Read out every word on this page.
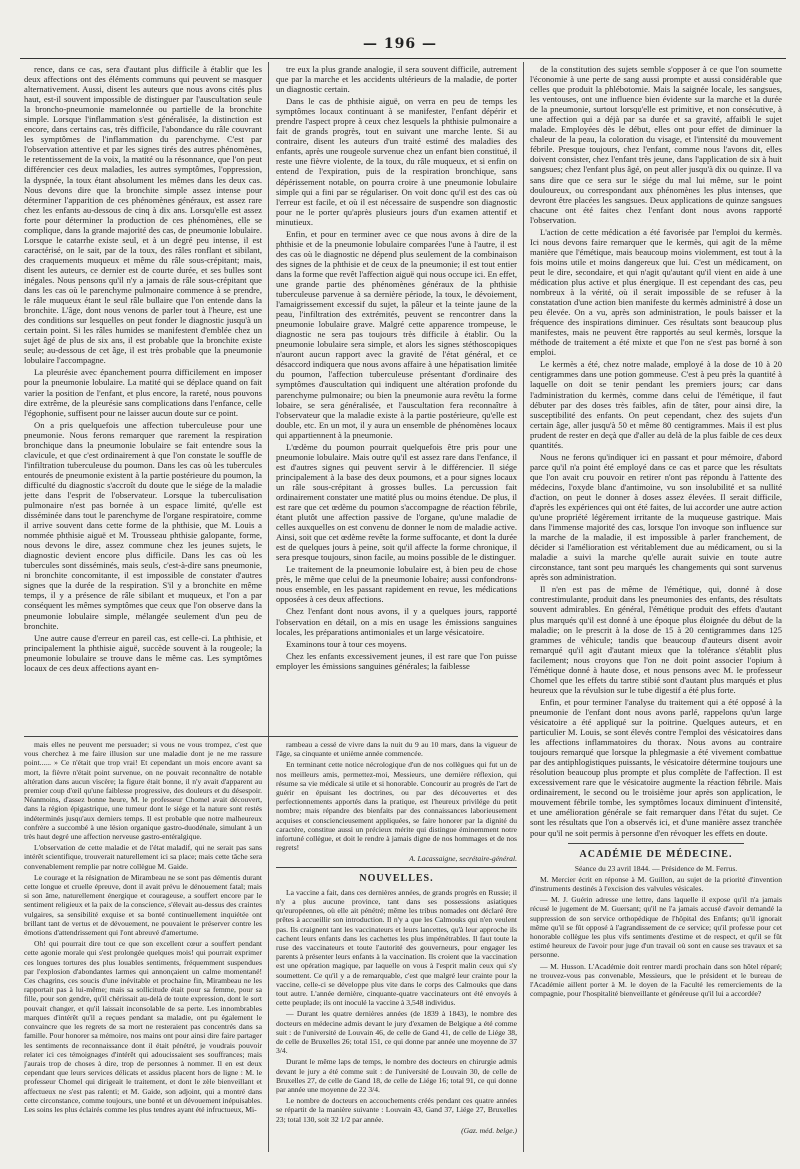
— 196 —

rence, dans ce cas, sera d'autant plus difficile à établir que les deux affections ont des éléments communs qui peuvent se masquer alternativement. Aussi, disent les auteurs que nous avons cités plus haut, est-il souvent impossible de distinguer par l'auscultation seule la broncho-pneumonie mamelonnée ou partielle de la bronchite simple. Lorsque l'inflammation s'est généralisée, la distinction est encore, dans certains cas, très difficile, l'abondance du râle couvrant les symptômes de l'inflammation du parenchyme. C'est par l'observation attentive et par les signes tirés des autres phénomènes, le retentissement de la voix, la matité ou la résonnance, que l'on peut différencier ces deux maladies, les autres symptômes, l'oppression, la dyspnée, la toux étant absolument les mêmes dans les deux cas. Nous devons dire que la bronchite simple assez intense pour déterminer l'apparition de ces phénomènes généraux, est assez rare chez les enfants au-dessous de cinq à dix ans. Lorsqu'elle est assez forte pour déterminer la production de ces phénomènes, elle se complique, dans la grande majorité des cas, de pneumonie lobulaire. Lorsque le catarrhe existe seul, et à un degré peu intense, il est caractérisé, on le sait, par de la toux, des râles ronflant et sibilant, des craquements muqueux et même du râle sous-crépitant; mais, disent les auteurs, ce dernier est de courte durée, et ses bulles sont inégales. Nous pensons qu'il n'y a jamais de râle sous-crépitant que dans les cas où le parenchyme pulmonaire commence à se prendre, le râle muqueux étant le seul râle bullaire que l'on entende dans la bronchite. L'âge, dont nous venons de parler tout à l'heure, est une des conditions sur lesquelles on peut fonder le diagnostic jusqu'à un certain point. Si les râles humides se manifestent d'emblée chez un sujet âgé de plus de six ans, il est probable que la bronchite existe seule; au-dessous de cet âge, il est très probable que la pneumonie lobulaire l'accompagne.

La pleurésie avec épanchement pourra difficilement en imposer pour la pneumonie lobulaire. La matité qui se déplace quand on fait varier la position de l'enfant, et plus encore, la rareté, nous pouvons dire extrême, de la pleurésie sans complications dans l'enfance, celle l'égophonie, suffisent pour ne laisser aucun doute sur ce point.

On a pris quelquefois une affection tuberculeuse pour une pneumonie. Nous ferons remarquer que rarement la respiration bronchique dans la pneumonie lobulaire se fait entendre sous la clavicule, et que c'est ordinairement à que l'on constate le souffle de l'infiltration tuberculeuse du poumon. Dans les cas où les tubercules entourés de pneumonie existent à la partie postérieure du poumon, la difficulté du diagnostic s'accroît du doute que le siége de la maladie jette dans l'esprit de l'observateur. Lorsque la tuberculisation pulmonaire n'est pas bornée à un espace limité, qu'elle est disséminée dans tout le parenchyme de l'organe respiratoire, comme il arrive souvent dans cette forme de la phthisie, que M. Louis a nommée phthisie aiguë et M. Trousseau phthisie galopante, forme, nous devons le dire, assez commune chez les jeunes sujets, le diagnostic devient encore plus difficile. Dans les cas où les tubercules sont disséminés, mais seuls, c'est-à-dire sans pneumonie, ni bronchite concomitante, il est impossible de constater d'autres signes que la durée de la respiration. S'il y a bronchite en même temps, il y a présence de râle sibilant et muqueux, et l'on a par conséquent les mêmes symptômes que ceux que l'on observe dans la pneumonie lobulaire simple, mélangée seulement d'un peu de bronchite.

Une autre cause d'erreur en pareil cas, est celle-ci. La phthisie, et principalement la phthisie aiguë, succède souvent à la rougeole; la pneumonie lobulaire se trouve dans le même cas. Les symptômes locaux de ces deux affections ayant en-

tre eux la plus grande analogie, il sera souvent difficile, autrement que par la marche et les accidents ultérieurs de la maladie, de porter un diagnostic certain.

Dans le cas de phthisie aiguë, on verra en peu de temps les symptômes locaux continuant à se manifester, l'enfant dépérir et prendre l'aspect propre à ceux chez lesquels la phthisie pulmonaire a fait de grands progrès, tout en suivant une marche lente. Si au contraire, disent les auteurs d'un traité estimé des maladies des enfants, après une rougeole survenue chez un enfant bien constitué, il reste une fièvre violente, de la toux, du râle muqueux, et si enfin on entend de l'expiration, puis de la respiration bronchique, sans dépérissement notable, on pourra croire à une pneumonie lobulaire simple qui a fini par se régulariser. On voit donc qu'il est des cas où l'erreur est facile, et où il est nécessaire de suspendre son diagnostic pour ne le porter qu'après plusieurs jours d'un examen attentif et minutieux.

Enfin, et pour en terminer avec ce que nous avons à dire de la phthisie et de la pneumonie lobulaire comparées l'une à l'autre, il est des cas où le diagnostic ne dépend plus seulement de la combinaison des signes de la phthisie et de ceux de la pneumonie; il est tout entier dans la forme que revêt l'affection aiguë qui nous occupe ici. En effet, une grande partie des phénomènes généraux de la phthisie tuberculeuse parvenue à sa dernière période, la toux, le dévoiement, l'amaigrissement excessif du sujet, la pâleur et la teinte jaune de la peau, l'infiltration des extrémités, peuvent se rencontrer dans la pneumonie lobulaire grave. Malgré cette apparence trompeuse, le diagnostic ne sera pas toujours très difficile à établir. Ou la pneumonie lobulaire sera simple, et alors les signes stéthoscopiques n'auront aucun rapport avec la gravité de l'état général, et ce désaccord indiquera que nous avons affaire à une hépatisation limitée du poumon, l'affection tuberculeuse présentant d'ordinaire des symptômes d'auscultation qui indiquent une altération profonde du parenchyme pulmonaire; ou bien la pneumonie aura revêtu la forme lobaire, se sera généralisée, et l'auscultation fera reconnaître à l'observateur que la maladie existe à la partie postérieure, qu'elle est double, etc. En un mot, il y aura un ensemble de phénomènes locaux qui appartiennent à la pneumonie.

L'œdème du poumon pourrait quelquefois être pris pour une pneumonie lobulaire. Mais outre qu'il est assez rare dans l'enfance, il est d'autres signes qui peuvent servir à le différencier. Il siége principalement à la base des deux poumons, et a pour signes locaux un râle sous-crépitant à grosses bulles. La percussion fait ordinairement constater une matité plus ou moins étendue. De plus, il est rare que cet œdème du poumon s'accompagne de réaction fébrile, étant plutôt une affection passive de l'organe, qu'une maladie de celles auxquelles on est convenu de donner le nom de maladie active. Ainsi, soit que cet œdème revête la forme suffocante, et dont la durée est de quelques jours à peine, soit qu'il affecte la forme chronique, il sera presque toujours, sinon facile, au moins possible de le distinguer.

Le traitement de la pneumonie lobulaire est, à bien peu de chose près, le même que celui de la pneumonie lobaire; aussi confondrons-nous ensemble, en les passant rapidement en revue, les médications opposées à ces deux affections.

Chez l'enfant dont nous avons, il y a quelques jours, rapporté l'observation en détail, on a mis en usage les émissions sanguines locales, les préparations antimoniales et un large vésicatoire.

Examinons tour à tour ces moyens.

Chez les enfants excessivement jeunes, il est rare que l'on puisse employer les émissions sanguines générales; la faiblesse

mais elles ne peuvent me persuader; si vous ne vous trompez, c'est que vous cherchez à me faire illusion sur une maladie dont je ne me rassure point...... » Ce n'était que trop vrai! Et cependant un mois encore avant sa mort, la fièvre n'était point survenue, on ne pouvait reconnaître de notable altération dans aucun viscère; la figure était bonne, il n'y avait d'apparent au premier coup d'œil qu'une faiblesse progressive, des douleurs et du désespoir. Néanmoins, d'assez bonne heure, M. le professeur Chomel avait découvert, dans la région épigastrique, une tumeur dont le siége et la nature sont restés indéterminés jusqu'aux derniers temps. Il est probable que notre malheureux confrère a succombé à une lésion organique gastro-duodénale, simulant à un très haut degré une affection nerveuse gastro-entéralgique.

L'observation de cette maladie et de l'état maladif, qui ne serait pas sans intérêt scientifique, trouverait naturellement ici sa place; mais cette tâche sera convenablement remplie par notre collègue M. Gaide.

Le courage et la résignation de Mirambeau ne se sont pas démentis durant cette longue et cruelle épreuve, dont il avait prévu le dénouement fatal; mais si son âme, naturellement énergique et courageuse, a souffert encore par le sentiment religieux et la paix de la conscience, s'élevait au-dessus des craintes vulgaires, sa sensibilité exquise et sa bonté continuellement inquiétée ont brillant tant de vertus et de dévouement, ne pouvaient le préserver contre les émotions d'attendrissement qui l'ont abreuvé d'amertume.

Oh! qui pourrait dire tout ce que son excellent cœur a souffert pendant cette agonie morale qui s'est prolongée quelques mois! qui pourrait exprimer ces longues tortures des plus louables sentiments, fréquemment suspendues par l'explosion d'abondantes larmes qui annonçaient un calme momentané! Ces chagrins, ces soucis d'une inévitable et prochaine fin, Mirambeau ne les rapportait pas à lui-même; mais sa sollicitude était pour sa femme, pour sa fille, pour son gendre, qu'il chérissait au-delà de toute expression, dont le sort pouvait changer, et qu'il laissait inconsolable de sa perte. Les innombrables marques d'intérêt qu'il a reçues pendant sa maladie, ont pu également le convaincre que les regrets de sa mort ne resteraient pas concentrés dans sa famille. Pour honorer sa mémoire, nos mains ont pour ainsi dire faire partager les sentiments de reconnaissance dont il était pénétré, je voudrais pouvoir relater ici ces témoignages d'intérêt qui adoucissaient ses souffrances; mais j'aurais trop de choses à dire, trop de personnes à nommer. Il en est deux cependant que leurs services délicats et assidus placent hors de ligne : M. le professeur Chomel qui dirigeait le traitement, et dont le zèle bienveillant et affectueux ne s'est pas ralenti; et M. Gaide, son adjoint, qui a montré dans cette circonstance, comme toujours, une bonté et un dévouement inépuisables. Les soins les plus éclairés comme les plus tendres ayant été infructueux, Mi-

rambeau a cessé de vivre dans la nuit du 9 au 10 mars, dans la vigueur de l'âge, sa cinquante et unième année commencée.

En terminant cette notice nécrologique d'un de nos collègues qui fut un de nos meilleurs amis, permettez-moi, Messieurs, une dernière réflexion, qui résume sa vie médicale si utile et si honorable. Concourir au progrès de l'art de guérir en épuisant les doctrines, ou par des découvertes et des perfectionnements apportés dans la pratique, est l'heureux privilége du petit nombre; mais répandre des bienfaits par des connaissances laborieusement acquises et consciencieusement appliquées, se faire honorer par la dignité du caractère, constitue aussi un précieux mérite qui distingue éminemment notre infortuné collègue, et doit le rendre à jamais digne de nos hommages et de nos regrets!

A. Lacassaigne, secrétaire-général.

NOUVELLES.

La vaccine a fait, dans ces dernières années, de grands progrès en Russie; il n'y a plus aucune province, tant dans ses possessions asiatiques qu'européennes, où elle ait pénétré; même les tribus nomades ont déclaré être prêtes à accueillir son introduction. Il n'y a que les Calmouks qui n'en veulent pas. Ils craignent tant les vaccinateurs et leurs lancettes, qu'à leur approche ils cachent leurs enfants dans les cachettes les plus impénétrables. Il faut toute la ruse des vaccinateurs et toute l'autorité des gouverneurs, pour engager les parents à présenter leurs enfants à la vaccination. Ils croient que la vaccination est une opération magique, par laquelle on vous à l'esprit malin ceux qui s'y soumettent. Ce qu'il y a de remarquable, c'est que malgré leur crainte pour la vaccine, celle-ci se développe plus vite dans le corps des Calmouks que dans tout autre. L'année dernière, cinquante-quatre vaccinateurs ont été envoyés à cette peuplade; ils ont inoculé la vaccine à 3,548 individus.

— Durant les quatre dernières années (de 1839 à 1843), le nombre des docteurs en médecine admis devant le jury d'examen de Belgique a été comme suit : de l'université de Louvain 46, de celle de Gand 41, de celle de Liége 38, de celle de Bruxelles 26; total 151, ce qui donne par année une moyenne de 37 3/4.

Durant le même laps de temps, le nombre des docteurs en chirurgie admis devant le jury a été comme suit : de l'université de Louvain 30, de celle de Bruxelles 27, de celle de Gand 18, de celle de Liége 16; total 91, ce qui donne par année une moyenne de 22 3/4.

Le nombre de docteurs en accouchements créés pendant ces quatre années se répartit de la manière suivante : Louvain 43, Gand 37, Liége 27, Bruxelles 23; total 130, soit 32 1/2 par année.

(Gaz. méd. belge.)

de la constitution des sujets semble s'opposer à ce que l'on soumette l'économie à une perte de sang aussi prompte et aussi considérable que celles que produit la phlébotomie. Mais la saignée locale, les sangsues, les ventouses, ont une influence bien évidente sur la marche et la durée de la pneumonie, surtout lorsqu'elle est primitive, et non consécutive, à une affection qui a déjà par sa durée et sa gravité, affaibli le sujet malade. Employées dès le début, elles ont pour effet de diminuer la chaleur de la peau, la coloration du visage, et l'intensité du mouvement fébrile. Presque toujours, chez l'enfant, comme nous l'avons dit, elles doivent consister, chez l'enfant très jeune, dans l'application de six à huit sangsues; chez l'enfant plus âgé, on peut aller jusqu'à dix ou quinze. Il va sans dire que ce sera sur le siége du mal lui même, sur le point douloureux, ou correspondant aux phénomènes les plus intenses, que devront être placées les sangsues. Deux applications de quinze sangsues chacune ont été faites chez l'enfant dont nous avons rapporté l'observation.

L'action de cette médication a été favorisée par l'emploi du kermès. Ici nous devons faire remarquer que le kermès, qui agit de la même manière que l'émétique, mais beaucoup moins violemment, est tout à la fois moins utile et moins dangereux que lui. C'est un médicament, on peut le dire, secondaire, et qui n'agit qu'autant qu'il vient en aide à une médication plus active et plus énergique. Il est cependant des cas, peu nombreux à la vérité, où il serait impossible de se refuser à la constatation d'une action bien manifeste du kermès administré à dose un peu élevée. On a vu, après son administration, le pouls baisser et la fréquence des inspirations diminuer. Ces résultats sont beaucoup plus manifestes, mais ne peuvent être rapportés au seul kermès, lorsque la méthode de traitement a été mixte et que l'on ne s'est pas borné à son emploi.

Le kermès a été, chez notre malade, employé à la dose de 10 à 20 centigrammes dans une potion gommeuse. C'est à peu près la quantité à laquelle on doit se tenir pendant les premiers jours; car dans l'administration du kermès, comme dans celui de l'émétique, il faut débuter par des doses très faibles, afin de tâter, pour ainsi dire, la susceptibilité des enfants. On peut cependant, chez des sujets d'un certain âge, aller jusqu'à 50 et même 80 centigrammes. Mais il est plus prudent de rester en deçà que d'aller au delà de la plus faible de ces deux quantités.

Nous ne ferons qu'indiquer ici en passant et pour mémoire, d'abord parce qu'il n'a point été employé dans ce cas et parce que les résultats que l'on avait cru pouvoir en retirer n'ont pas répondu à l'attente des médecins, l'oxyde blanc d'antimoine, vu son insolubilité et sa nullité d'action, on peut le donner à doses assez élevées. Il serait difficile, d'après les expériences qui ont été faites, de lui accorder une autre action qu'une propriété légèrement irritante de la muqueuse gastrique. Mais dans l'immense majorité des cas, lorsque l'on invoque son influence sur la marche de la maladie, il est impossible à parler franchement, de décider si l'amélioration est véritablement due au médicament, ou si la maladie a suivi la marche qu'elle aurait suivie en toute autre circonstance, tant sont peu marqués les changements qui sont survenus après son administration.

Il n'en est pas de même de l'émétique, qui, donné à dose contrestimulante, produit dans les pneumonies des enfants, des résultats souvent admirables. En général, l'émétique produit des effets d'autant plus marqués qu'il est donné à une époque plus éloignée du début de la maladie; on le prescrit à la dose de 15 à 20 centigrammes dans 125 grammes de véhicule; tandis que beaucoup d'auteurs disent avoir remarqué qu'il agit d'autant mieux que la tolérance s'établit plus facilement; nous croyons que l'on ne doit point associer l'opium à l'émétique donné à haute dose, et nous pensons avec M. le professeur Chomel que les effets du tartre stibié sont d'autant plus marqués et plus heureux que la révulsion sur le tube digestif a été plus forte.

Enfin, et pour terminer l'analyse du traitement qui a été opposé à la pneumonie de l'enfant dont nous avons parlé, rappelons qu'un large vésicatoire a été appliqué sur la poitrine. Quelques auteurs, et en particulier M. Louis, se sont élevés contre l'emploi des vésicatoires dans les affections inflammatoires du thorax. Nous avons au contraire toujours remarqué que lorsque la phlegmasie a été vivement combattue par des antiphlogistiques puissants, le vésicatoire détermine toujours une résolution beaucoup plus prompte et plus complète de l'affection. Il est excessivement rare que le vésicatoire augmente la réaction fébrile. Mais ordinairement, le second ou le troisième jour après son application, le mouvement fébrile tombe, les symptômes locaux diminuent d'intensité, et une amélioration générale se fait remarquer dans l'état du sujet. Ce sont les résultats que l'on a observés ici, et d'une manière assez tranchée pour qu'il ne soit permis à personne d'en révoquer les effets en doute.

ACADÉMIE DE MÉDECINE.

Séance du 23 avril 1844. — Présidence de M. Ferrus.

M. Mercier écrit en réponse à M. Guillon, au sujet de la priorité d'invention d'instruments destinés à l'excision des valvules vésicales.

— M. J. Guérin adresse une lettre, dans laquelle il expose qu'il n'a jamais récusé le jugement de M. Guersant; qu'il ne l'a jamais accusé d'avoir demandé la suppression de son service orthopédique de l'hôpital des Enfants; qu'il ignorait même qu'il se fût opposé à l'agrandissement de ce service; qu'il professe pour cet honorable collègue les plus vifs sentiments d'estime et de respect, et qu'il se fût estimé heureux de l'avoir pour juge d'un travail où sont en cause ses travaux et sa personne.

— M. Husson. L'Académie doit rentrer mardi prochain dans son hôtel réparé; ne trouvez-vous pas convenable, Messieurs, que le président et le bureau de l'Académie aillent porter à M. le doyen de la Faculté les remerciements de la compagnie, pour l'hospitalité bienveillante et généreuse qu'il lui a accordée?
